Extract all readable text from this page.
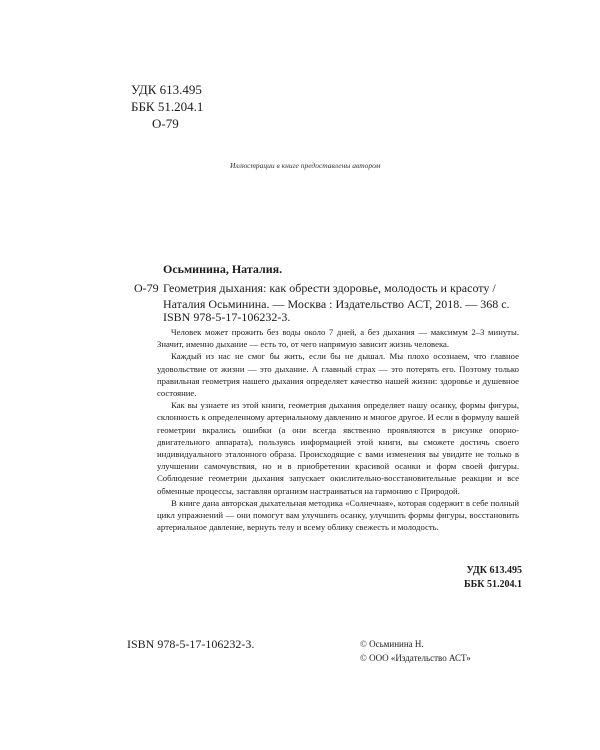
УДК 613.495
ББК 51.204.1
О-79
Иллюстрации в книге предоставлены автором
Осьминина, Наталия.
О-79 Геометрия дыхания: как обрести здоровье, молодость и красоту /
Наталия Осьминина. — Москва : Издательство АСТ, 2018. — 368 с.
ISBN 978-5-17-106232-3.

Человек может прожить без воды около 7 дней, а без дыхания — максимум 2–3 минуты. Значит, именно дыхание — есть то, от чего напрямую зависит жизнь человека.

Каждый из нас не смог бы жить, если бы не дышал. Мы плохо осознаем, что главное удовольствие от жизни — это дыхание. А главный страх — это потерять его. Поэтому только правильная геометрия нашего дыхания определяет качество нашей жизни: здоровье и душевное состояние.

Как вы узнаете из этой книги, геометрия дыхания определяет нашу осанку, формы фигуры, склонность к определенному артериальному давлению и многое другое. И если в формулу вашей геометрии вкрались ошибки (а они всегда явственно проявляются в рисунке опорно-двигательного аппарата), пользуясь информацией этой книги, вы сможете достичь своего индивидуального эталонного образа. Происходящие с вами изменения вы увидите не только в улучшении самочувствия, но и в приобретении красивой осанки и форм своей фигуры. Соблюдение геометрии дыхания запускает окислительно-восстановительные реакции и все обменные процессы, заставляя организм настраиваться на гармонию с Природой.

В книге дана авторская дыхательная методика «Солнечная», которая содержит в себе полный цикл упражнений — они помогут вам улучшить осанку, улучшить формы фигуры, восстановить артериальное давление, вернуть телу и всему облику свежесть и молодость.

УДК 613.495
ББК 51.204.1
ISBN 978-5-17-106232-3.	© Осьминина Н.
© ООО «Издательство АСТ»
